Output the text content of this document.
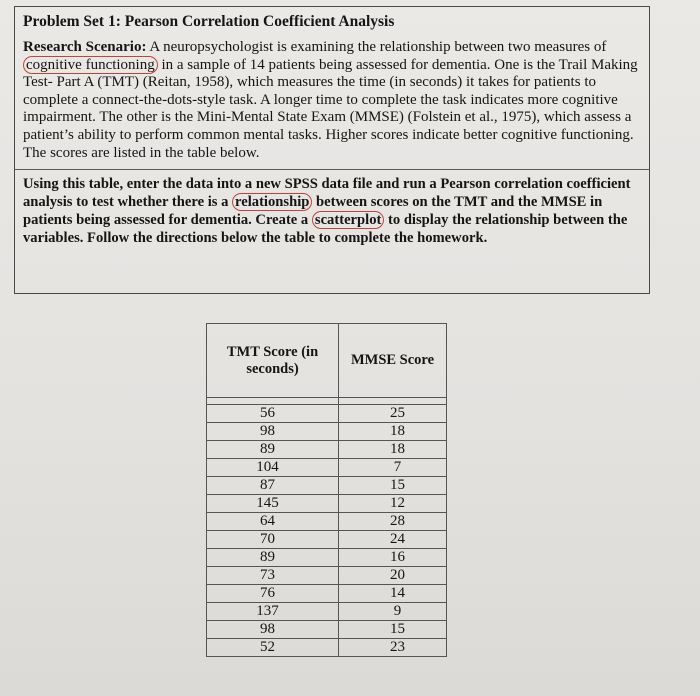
Problem Set 1: Pearson Correlation Coefficient Analysis

Research Scenario: A neuropsychologist is examining the relationship between two measures of cognitive functioning in a sample of 14 patients being assessed for dementia. One is the Trail Making Test- Part A (TMT) (Reitan, 1958), which measures the time (in seconds) it takes for patients to complete a connect-the-dots-style task. A longer time to complete the task indicates more cognitive impairment. The other is the Mini-Mental State Exam (MMSE) (Folstein et al., 1975), which assess a patient’s ability to perform common mental tasks. Higher scores indicate better cognitive functioning. The scores are listed in the table below.

Using this table, enter the data into a new SPSS data file and run a Pearson correlation coefficient analysis to test whether there is a relationship between scores on the TMT and the MMSE in patients being assessed for dementia. Create a scatterplot to display the relationship between the variables. Follow the directions below the table to complete the homework.

TMT Score (in seconds)	MMSE Score

56	25
98	18
89	18
104	7
87	15
145	12
64	28
70	24
89	16
73	20
76	14
137	9
98	15
52	23
